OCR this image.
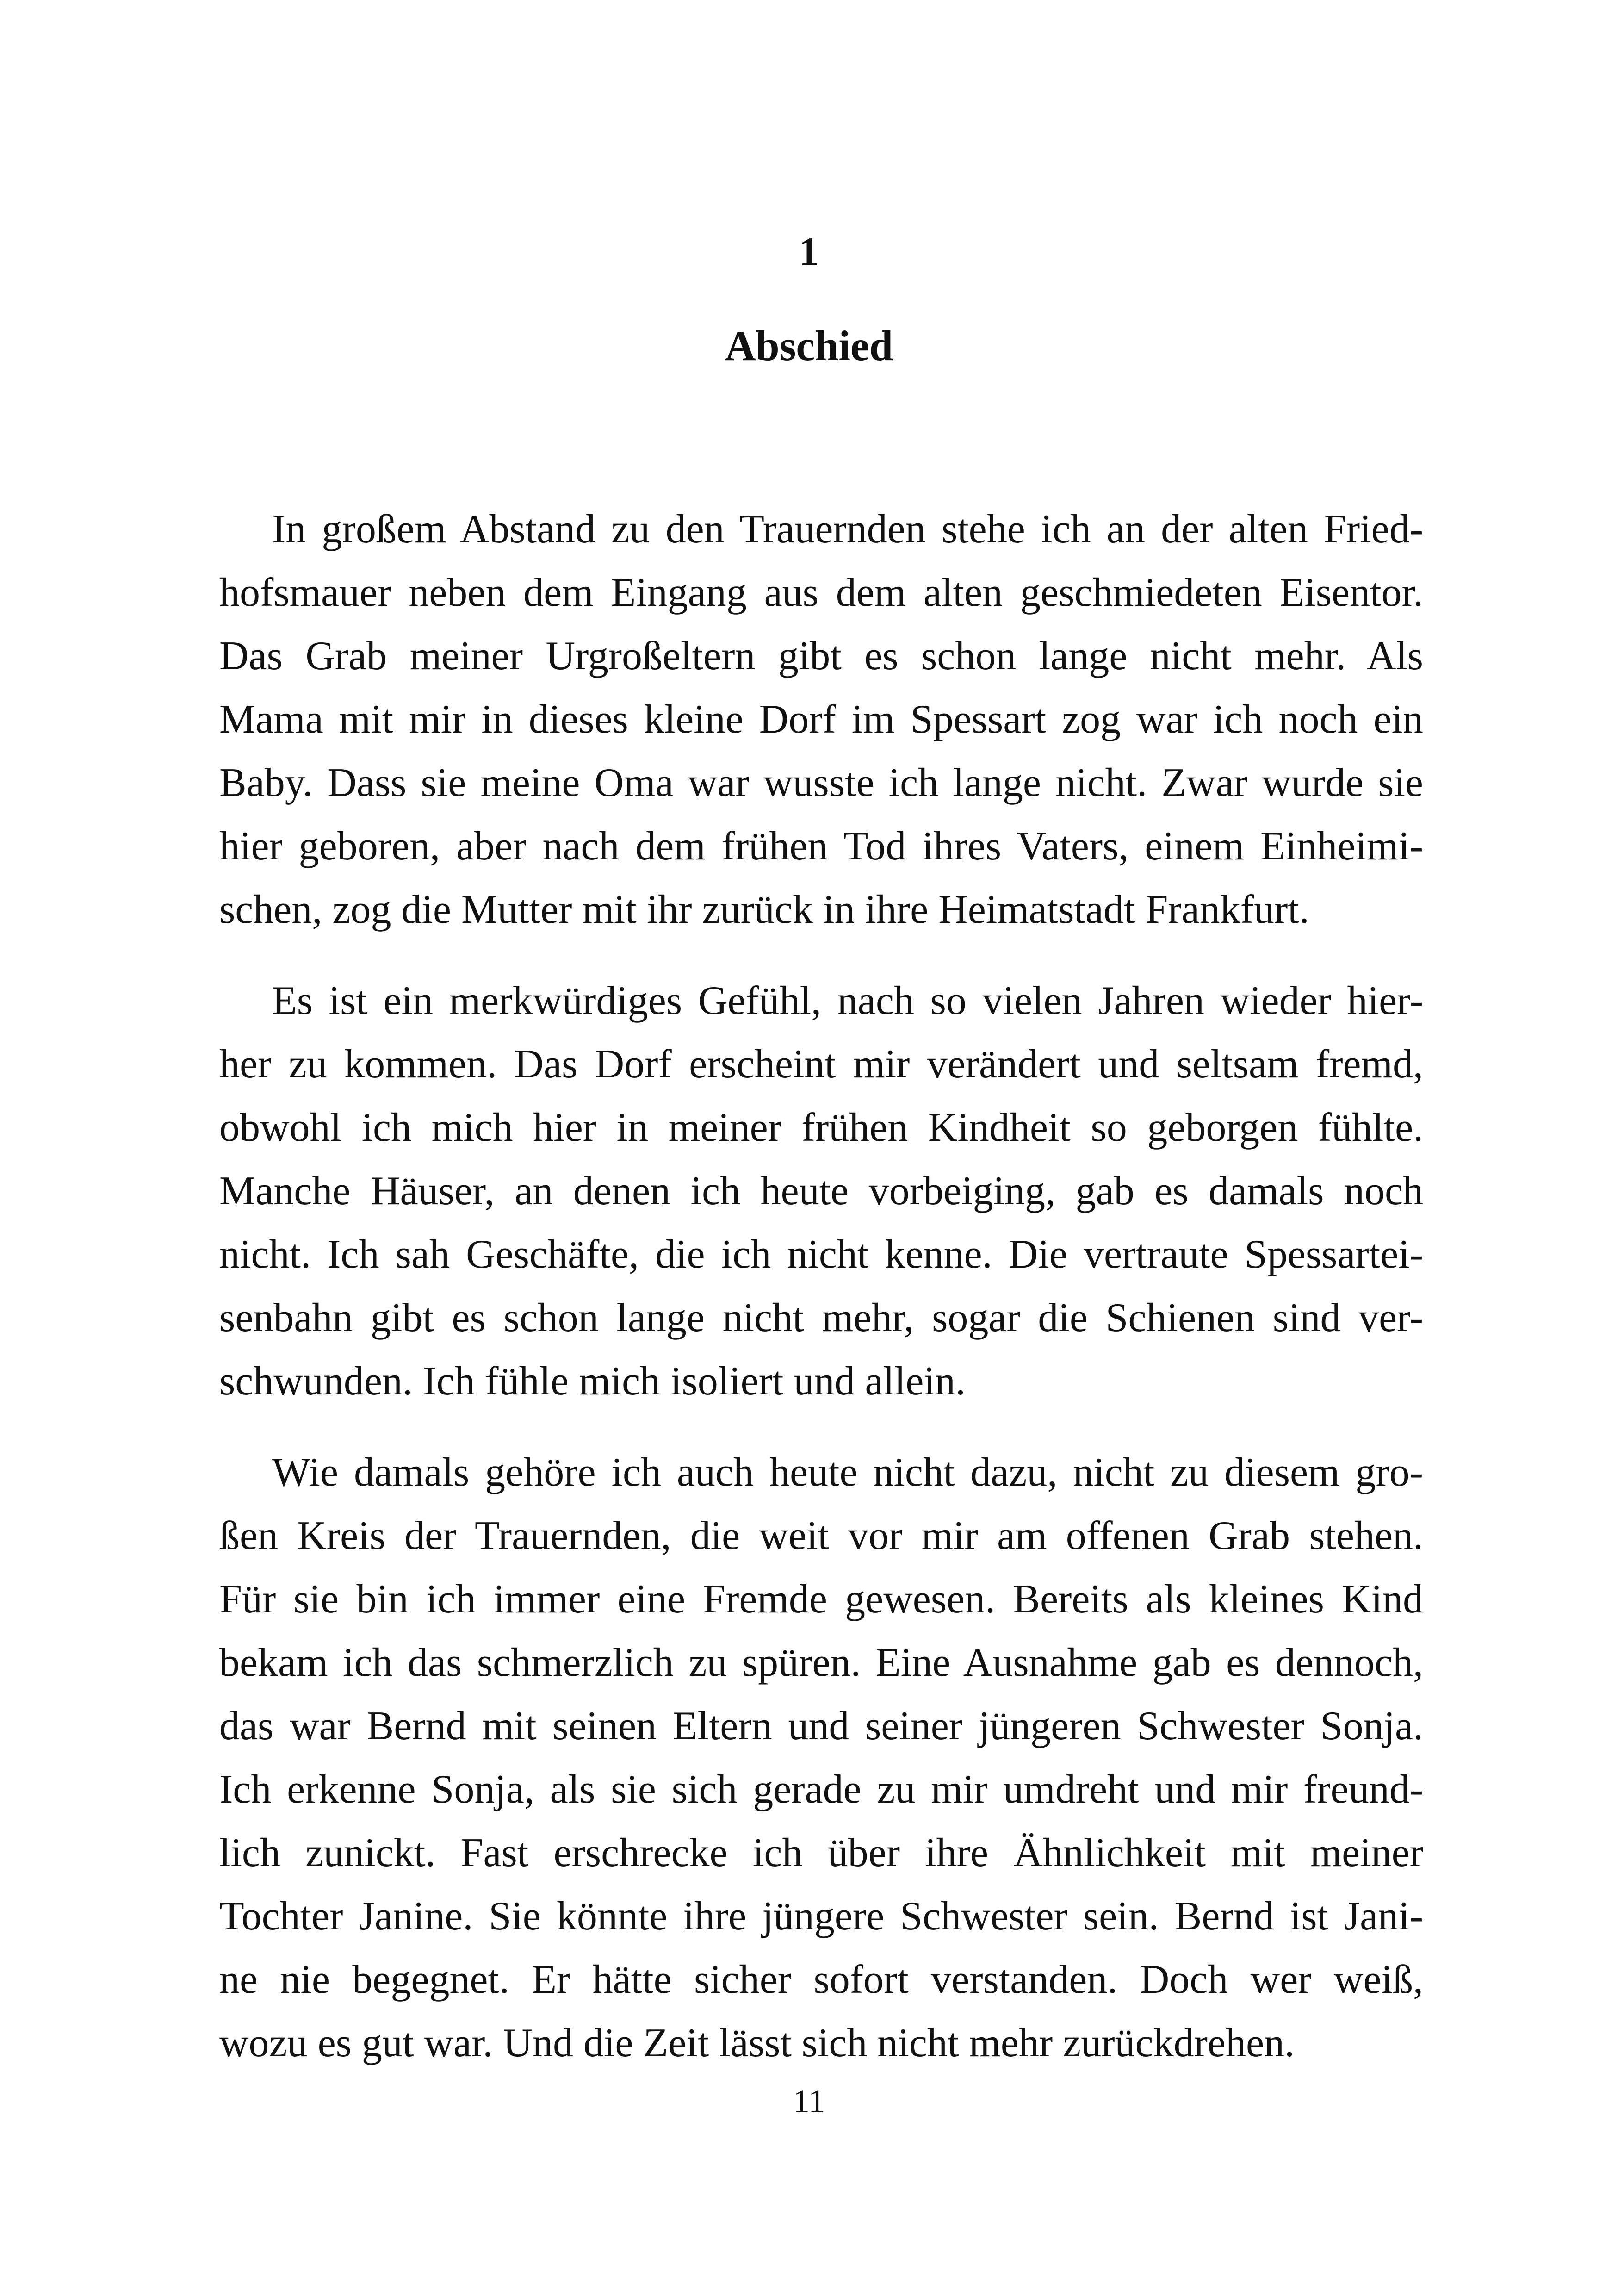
1
Abschied
In großem Abstand zu den Trauernden stehe ich an der alten Fried-
hofsmauer neben dem Eingang aus dem alten geschmiedeten Eisentor.
Das Grab meiner Urgroßeltern gibt es schon lange nicht mehr. Als
Mama mit mir in dieses kleine Dorf im Spessart zog war ich noch ein
Baby. Dass sie meine Oma war wusste ich lange nicht. Zwar wurde sie
hier geboren, aber nach dem frühen Tod ihres Vaters, einem Einheimi-
schen, zog die Mutter mit ihr zurück in ihre Heimatstadt Frankfurt.
Es ist ein merkwürdiges Gefühl, nach so vielen Jahren wieder hier-
her zu kommen. Das Dorf erscheint mir verändert und seltsam fremd,
obwohl ich mich hier in meiner frühen Kindheit so geborgen fühlte.
Manche Häuser, an denen ich heute vorbeiging, gab es damals noch
nicht. Ich sah Geschäfte, die ich nicht kenne. Die vertraute Spessartei-
senbahn gibt es schon lange nicht mehr, sogar die Schienen sind ver-
schwunden. Ich fühle mich isoliert und allein.
Wie damals gehöre ich auch heute nicht dazu, nicht zu diesem gro-
ßen Kreis der Trauernden, die weit vor mir am offenen Grab stehen.
Für sie bin ich immer eine Fremde gewesen. Bereits als kleines Kind
bekam ich das schmerzlich zu spüren. Eine Ausnahme gab es dennoch,
das war Bernd mit seinen Eltern und seiner jüngeren Schwester Sonja.
Ich erkenne Sonja, als sie sich gerade zu mir umdreht und mir freund-
lich zunickt. Fast erschrecke ich über ihre Ähnlichkeit mit meiner
Tochter Janine. Sie könnte ihre jüngere Schwester sein. Bernd ist Jani-
ne nie begegnet. Er hätte sicher sofort verstanden. Doch wer weiß,
wozu es gut war. Und die Zeit lässt sich nicht mehr zurückdrehen.
11
